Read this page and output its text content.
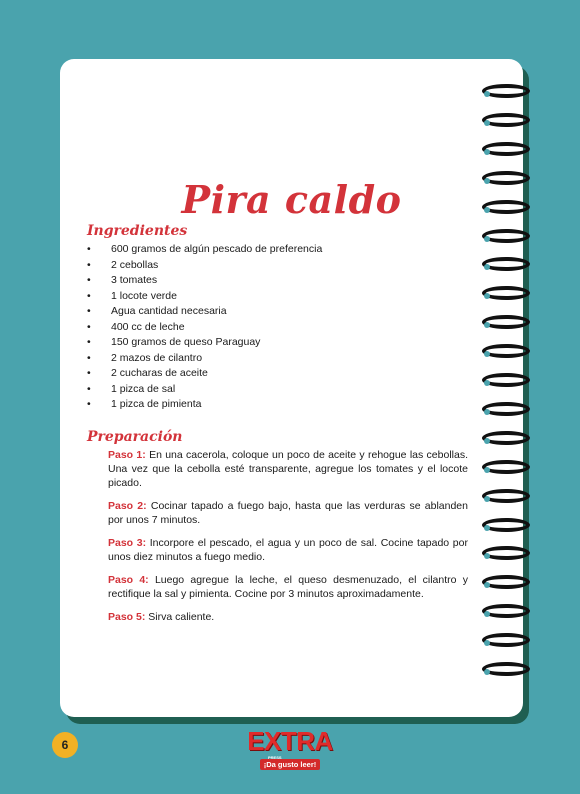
Pira caldo
Ingredientes
• 600 gramos de algún pescado de preferencia
• 2 cebollas
• 3 tomates
• 1 locote verde
• Agua cantidad necesaria
• 400 cc de leche
• 150 gramos de queso Paraguay
• 2 mazos de cilantro
• 2 cucharas de aceite
• 1 pizca de sal
• 1 pizca de pimienta
Preparación

Paso 1: En una cacerola, coloque un poco de aceite y rehogue las cebollas. Una vez que la cebolla esté transparente, agregue los tomates y el locote picado.

Paso 2: Cocinar tapado a fuego bajo, hasta que las verduras se ablanden por unos 7 minutos.

Paso 3: Incorpore el pescado, el agua y un poco de sal. Cocine tapado por unos diez minutos a fuego medio.

Paso 4: Luego agregue la leche, el queso desmenuzado, el cilantro y rectifique la sal y pimienta. Cocine por 3 minutos aproximadamente.

Paso 5: Sirva caliente.

6	EXTRA
PRESS
¡Da gusto leer!
